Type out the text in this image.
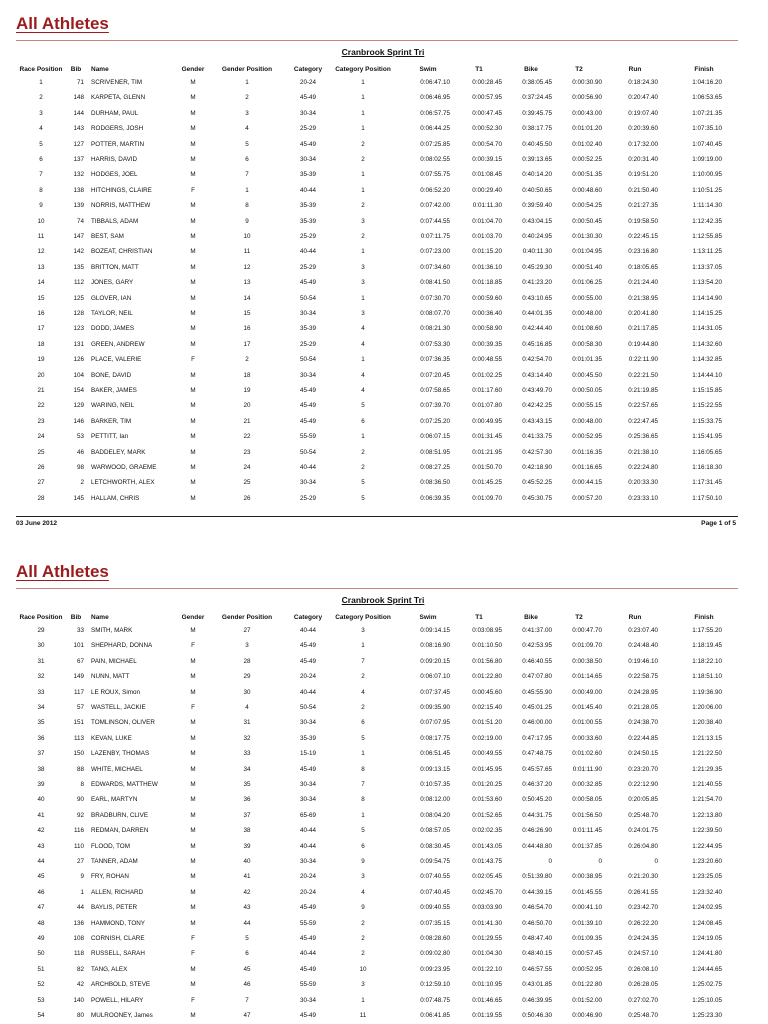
All Athletes
Cranbrook Sprint Tri
Race Position	Bib	Name	Gender	Gender Position	Category	Category Position	Swim	T1	Bike	T2	Run	Finish
1	71 SCRIVENER, TIM	M	1	20-24	1	0:06:47.10	0:00:28.45	0:38:05.45	0:00:30.90	0:18:24.30	1:04:16.20
2	148 KARPETA, GLENN	M	2	45-49	1	0:06:46.95	0:00:57.95	0:37:24.45	0:00:56.90	0:20:47.40	1:06:53.65
3	144 DURHAM, PAUL	M	3	30-34	1	0:06:57.75	0:00:47.45	0:39:45.75	0:00:43.00	0:19:07.40	1:07:21.35
4	143 RODGERS, JOSH	M	4	25-29	1	0:06:44.25	0:00:52.30	0:38:17.75	0:01:01.20	0:20:39.60	1:07:35.10
5	127 POTTER, MARTIN	M	5	45-49	2	0:07:25.85	0:00:54.70	0:40:45.50	0:01:02.40	0:17:32.00	1:07:40.45
6	137 HARRIS, DAVID	M	6	30-34	2	0:08:02.55	0:00:39.15	0:39:13.65	0:00:52.25	0:20:31.40	1:09:19.00
7	132 HODGES, JOEL	M	7	35-39	1	0:07:55.75	0:01:08.45	0:40:14.20	0:00:51.35	0:19:51.20	1:10:00.95
8	138 HITCHINGS, CLAIRE	F	1	40-44	1	0:06:52.20	0:00:29.40	0:40:50.65	0:00:48.60	0:21:50.40	1:10:51.25
9	139 NORRIS, MATTHEW	M	8	35-39	2	0:07:42.00	0:01:11.30	0:39:59.40	0:00:54.25	0:21:27.35	1:11:14.30
10	74 TIBBALS, ADAM	M	9	35-39	3	0:07:44.55	0:01:04.70	0:43:04.15	0:00:50.45	0:19:58.50	1:12:42.35
11	147 BEST, SAM	M	10	25-29	2	0:07:11.75	0:01:03.70	0:40:24.95	0:01:30.30	0:22:45.15	1:12:55.85
12	142 BOZEAT, CHRISTIAN	M	11	40-44	1	0:07:23.00	0:01:15.20	0:40:11.30	0:01:04.95	0:23:16.80	1:13:11.25
13	135 BRITTON, MATT	M	12	25-29	3	0:07:34.60	0:01:36.10	0:45:29.30	0:00:51.40	0:18:05.65	1:13:37.05
14	112 JONES, GARY	M	13	45-49	3	0:08:41.50	0:01:18.85	0:41:23.20	0:01:06.25	0:21:24.40	1:13:54.20
15	125 GLOVER, IAN	M	14	50-54	1	0:07:30.70	0:00:59.60	0:43:10.65	0:00:55.00	0:21:38.95	1:14:14.90
16	128 TAYLOR, NEIL	M	15	30-34	3	0:08:07.70	0:00:36.40	0:44:01.35	0:00:48.00	0:20:41.80	1:14:15.25
17	123 DODD, JAMES	M	16	35-39	4	0:08:21.30	0:00:58.90	0:42:44.40	0:01:08.60	0:21:17.85	1:14:31.05
18	131 GREEN, ANDREW	M	17	25-29	4	0:07:53.30	0:00:39.35	0:45:16.85	0:00:58.30	0:19:44.80	1:14:32.60
19	126 PLACE, VALERIE	F	2	50-54	1	0:07:36.35	0:00:48.55	0:42:54.70	0:01:01.35	0:22:11.90	1:14:32.85
20	104 BONE, DAVID	M	18	30-34	4	0:07:20.45	0:01:02.25	0:43:14.40	0:00:45.50	0:22:21.50	1:14:44.10
21	154 BAKER, JAMES	M	19	45-49	4	0:07:58.65	0:01:17.60	0:43:49.70	0:00:50.05	0:21:19.85	1:15:15.85
22	129 WARING, NEIL	M	20	45-49	5	0:07:39.70	0:01:07.80	0:42:42.25	0:00:55.15	0:22:57.65	1:15:22.55
23	146 BARKER, TIM	M	21	45-49	6	0:07:25.20	0:00:49.95	0:43:43.15	0:00:48.00	0:22:47.45	1:15:33.75
24	53 PETTITT, Ian	M	22	55-59	1	0:06:07.15	0:01:31.45	0:41:33.75	0:00:52.95	0:25:36.65	1:15:41.95
25	46 BADDELEY, MARK	M	23	50-54	2	0:08:51.95	0:01:21.95	0:42:57.30	0:01:16.35	0:21:38.10	1:16:05.65
26	98 WARWOOD, GRAEME	M	24	40-44	2	0:08:27.25	0:01:50.70	0:42:18.90	0:01:16.65	0:22:24.80	1:16:18.30
27	2 LETCHWORTH, ALEX	M	25	30-34	5	0:08:36.50	0:01:45.25	0:45:52.25	0:00:44.15	0:20:33.30	1:17:31.45
28	145 HALLAM, CHRIS	M	26	25-29	5	0:06:39.35	0:01:09.70	0:45:30.75	0:00:57.20	0:23:33.10	1:17:50.10
03 June 2012	Page 1 of 5
All Athletes
Cranbrook Sprint Tri
Race Position	Bib	Name	Gender	Gender Position	Category	Category Position	Swim	T1	Bike	T2	Run	Finish
29	33 SMITH, MARK	M	27	40-44	3	0:09:14.15	0:03:08.95	0:41:37.00	0:00:47.70	0:23:07.40	1:17:55.20
30	101 SHEPHARD, DONNA	F	3	45-49	1	0:08:16.90	0:01:10.50	0:42:53.95	0:01:09.70	0:24:48.40	1:18:19.45
31	67 PAIN, MICHAEL	M	28	45-49	7	0:09:20.15	0:01:56.80	0:46:40.55	0:00:38.50	0:19:46.10	1:18:22.10
32	149 NUNN, MATT	M	29	20-24	2	0:06:07.10	0:01:22.80	0:47:07.80	0:01:14.65	0:22:58.75	1:18:51.10
33	117 LE ROUX, Simon	M	30	40-44	4	0:07:37.45	0:00:45.60	0:45:55.90	0:00:49.00	0:24:28.95	1:19:36.90
34	57 WASTELL, JACKIE	F	4	50-54	2	0:09:35.90	0:02:15.40	0:45:01.25	0:01:45.40	0:21:28.05	1:20:06.00
35	151 TOMLINSON, OLIVER	M	31	30-34	6	0:07:07.95	0:01:51.20	0:46:00.00	0:01:00.55	0:24:38.70	1:20:38.40
36	113 KEVAN, LUKE	M	32	35-39	5	0:08:17.75	0:02:19.00	0:47:17.95	0:00:33.60	0:22:44.85	1:21:13.15
37	150 LAZENBY, THOMAS	M	33	15-19	1	0:06:51.45	0:00:49.55	0:47:48.75	0:01:02.60	0:24:50.15	1:21:22.50
38	88 WHITE, MICHAEL	M	34	45-49	8	0:09:13.15	0:01:45.95	0:45:57.65	0:01:11.90	0:23:20.70	1:21:29.35
39	8 EDWARDS, MATTHEW	M	35	30-34	7	0:10:57.35	0:01:20.25	0:46:37.20	0:00:32.85	0:22:12.90	1:21:40.55
40	90 EARL, MARTYN	M	36	30-34	8	0:08:12.00	0:01:53.60	0:50:45.20	0:00:58.05	0:20:05.85	1:21:54.70
41	92 BRADBURN, CLIVE	M	37	65-69	1	0:08:04.20	0:01:52.65	0:44:31.75	0:01:56.50	0:25:48.70	1:22:13.80
42	116 REDMAN, DARREN	M	38	40-44	5	0:08:57.05	0:02:02.35	0:46:26.90	0:01:11.45	0:24:01.75	1:22:39.50
43	110 FLOOD, TOM	M	39	40-44	6	0:08:30.45	0:01:43.05	0:44:48.80	0:01:37.85	0:26:04.80	1:22:44.95
44	27 TANNER, ADAM	M	40	30-34	9	0:09:54.75	0:01:43.75	0	0	0	1:23:20.60
45	9 FRY, ROHAN	M	41	20-24	3	0:07:40.55	0:02:05.45	0:51:39.80	0:00:38.95	0:21:20.30	1:23:25.05
46	1 ALLEN, RICHARD	M	42	20-24	4	0:07:40.45	0:02:45.70	0:44:39.15	0:01:45.55	0:26:41.55	1:23:32.40
47	44 BAYLIS, PETER	M	43	45-49	9	0:09:40.55	0:03:03.90	0:46:54.70	0:00:41.10	0:23:42.70	1:24:02.95
48	136 HAMMOND, TONY	M	44	55-59	2	0:07:35.15	0:01:41.30	0:46:50.70	0:01:39.10	0:26:22.20	1:24:08.45
49	108 CORNISH, CLARE	F	5	45-49	2	0:08:28.60	0:01:29.55	0:48:47.40	0:01:09.35	0:24:24.35	1:24:19.05
50	118 RUSSELL, SARAH	F	6	40-44	2	0:09:02.80	0:01:04.30	0:48:40.15	0:00:57.45	0:24:57.10	1:24:41.80
51	82 TANG, ALEX	M	45	45-49	10	0:09:23.95	0:01:22.10	0:46:57.55	0:00:52.95	0:26:08.10	1:24:44.65
52	42 ARCHBOLD, STEVE	M	46	55-59	3	0:12:59.10	0:01:10.95	0:43:01.85	0:01:22.80	0:26:28.05	1:25:02.75
53	140 POWELL, HILARY	F	7	30-34	1	0:07:48.75	0:01:46.65	0:46:39.95	0:01:52.00	0:27:02.70	1:25:10.05
54	80 MULROONEY, James	M	47	45-49	11	0:06:41.85	0:01:19.55	0:50:46.30	0:00:46.90	0:25:48.70	1:25:23.30
